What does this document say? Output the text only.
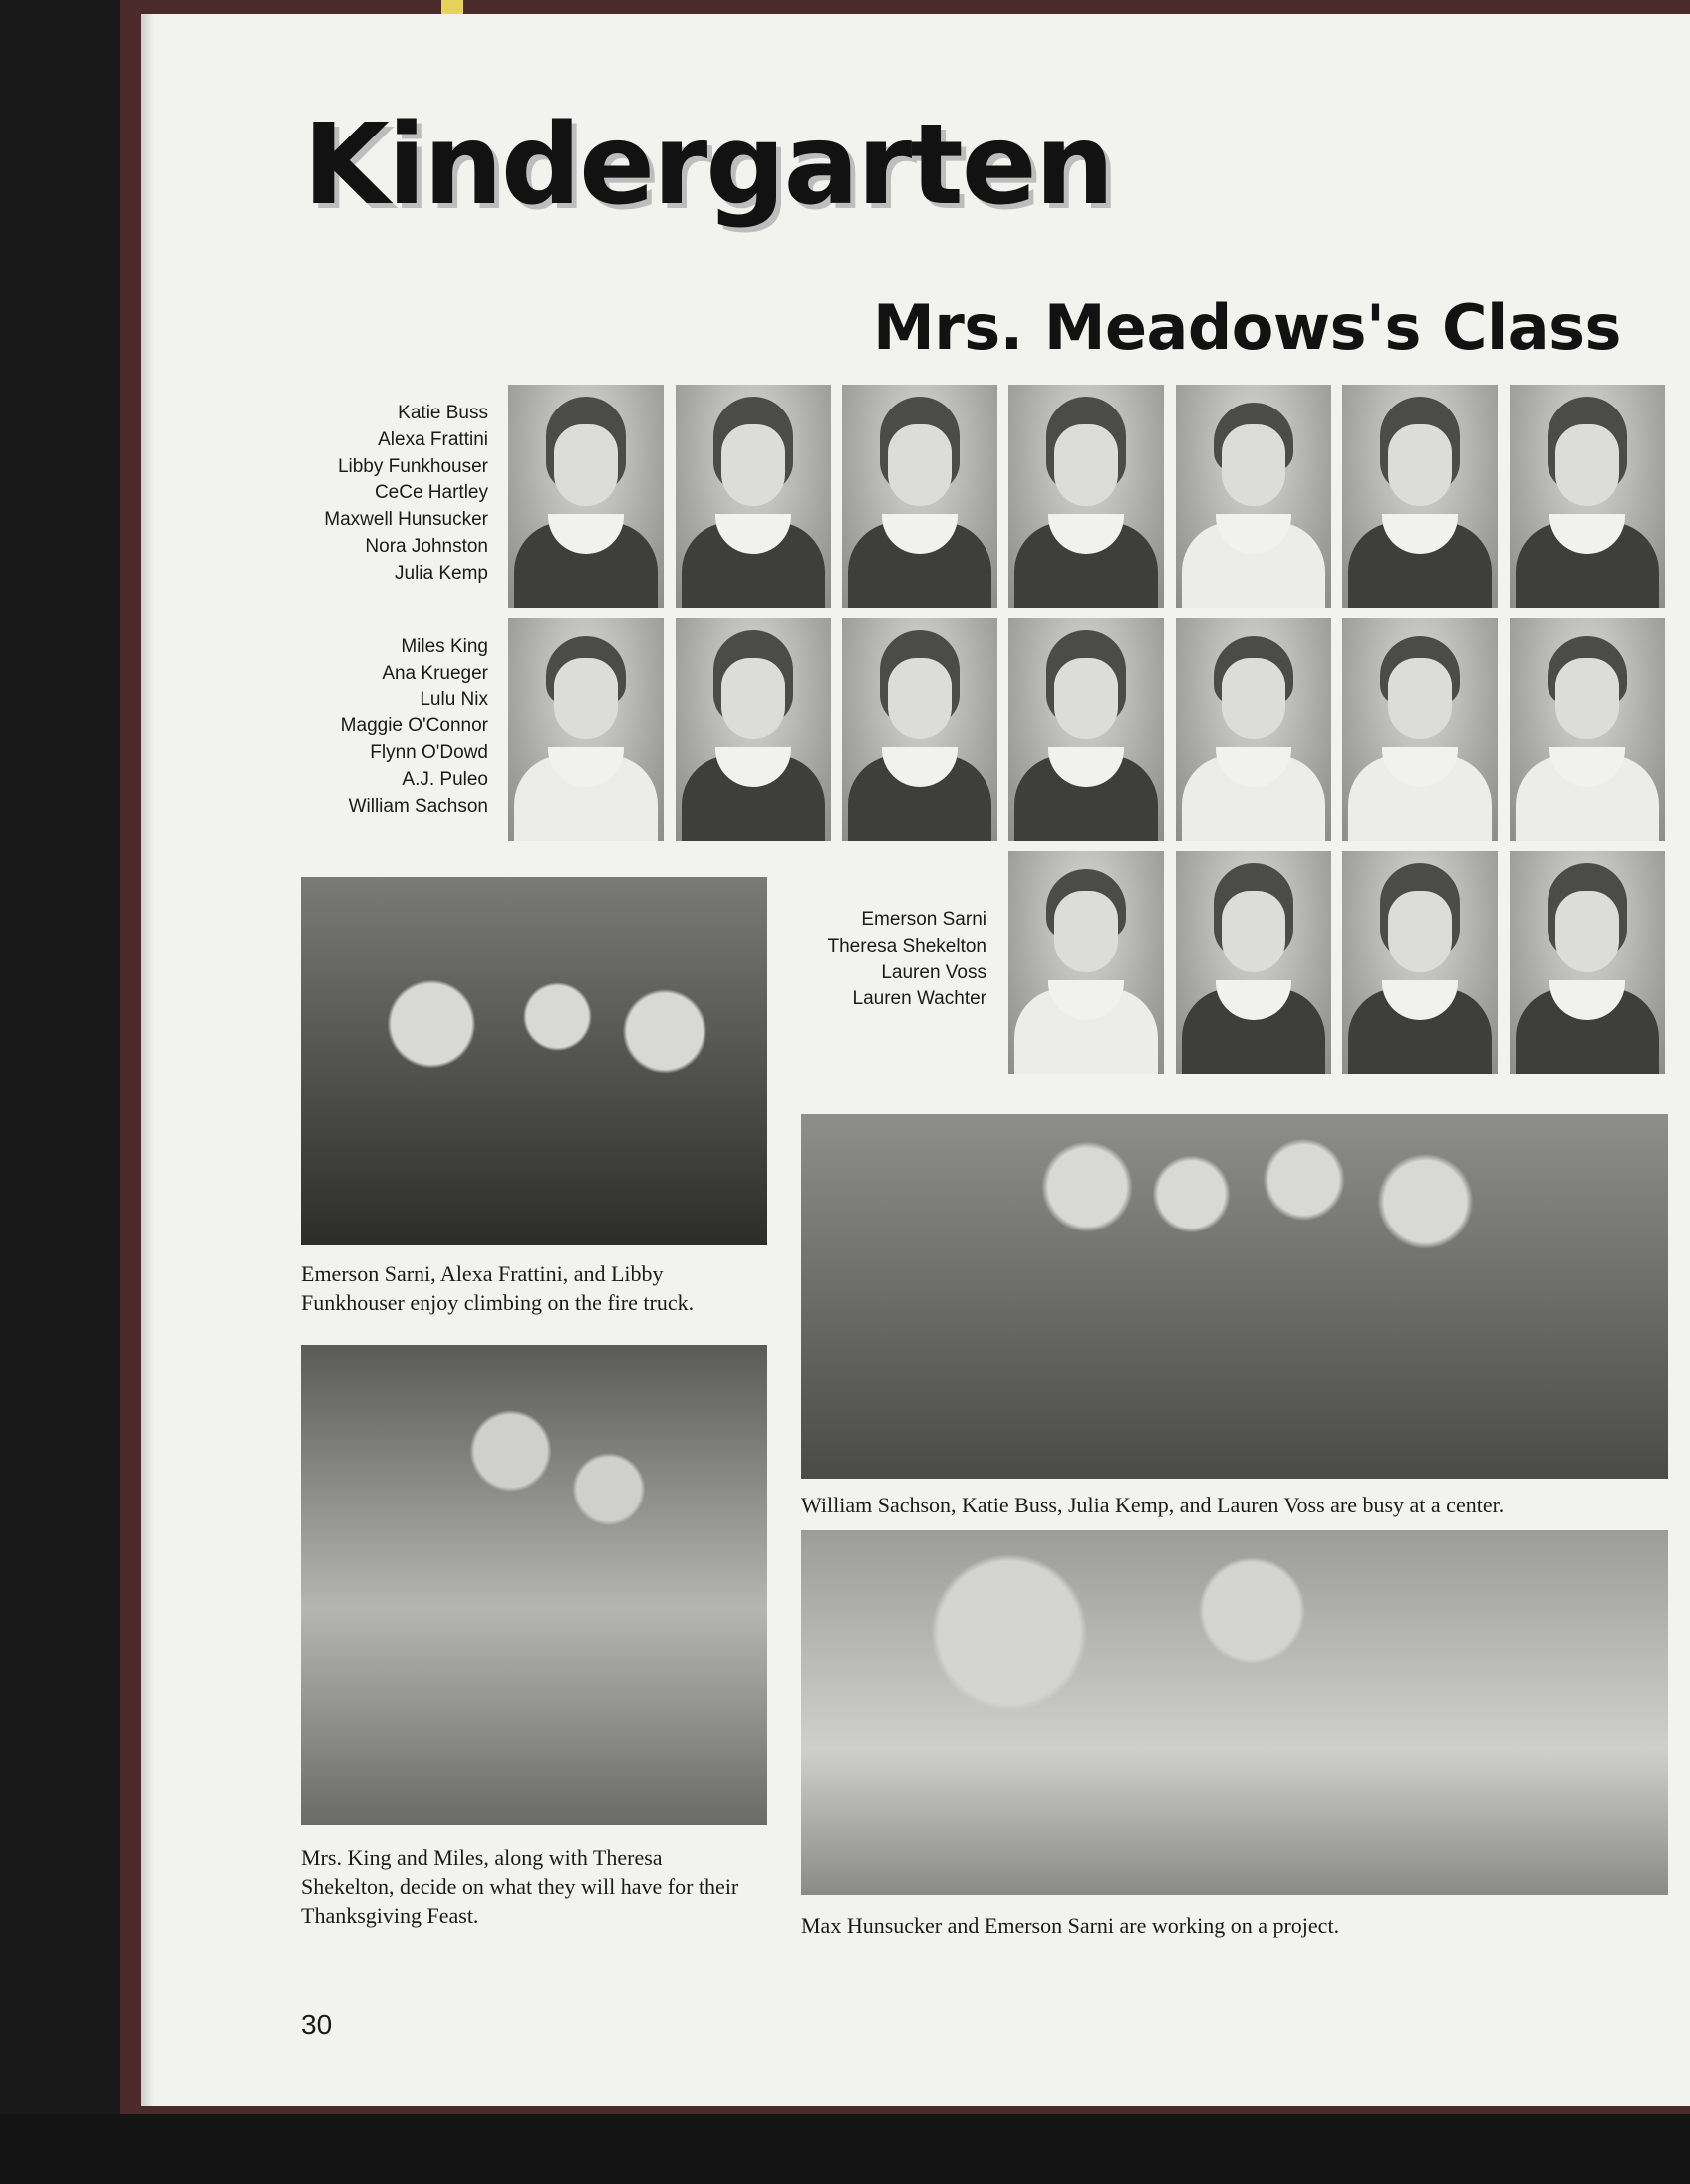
Kindergarten
Mrs. Meadows's Class
Katie Buss
Alexa Frattini
Libby Funkhouser
CeCe Hartley
Maxwell Hunsucker
Nora Johnston
Julia Kemp
Miles King
Ana Krueger
Lulu Nix
Maggie O'Connor
Flynn O'Dowd
A.J. Puleo
William Sachson
Emerson Sarni
Theresa Shekelton
Lauren Voss
Lauren Wachter

Emerson Sarni, Alexa Frattini, and Libby Funkhouser enjoy climbing on the fire truck.

Mrs. King and Miles, along with Theresa Shekelton, decide on what they will have for their Thanksgiving Feast.

William Sachson, Katie Buss, Julia Kemp, and Lauren Voss are busy at a center.

Max Hunsucker and Emerson Sarni are working on a project.

30
